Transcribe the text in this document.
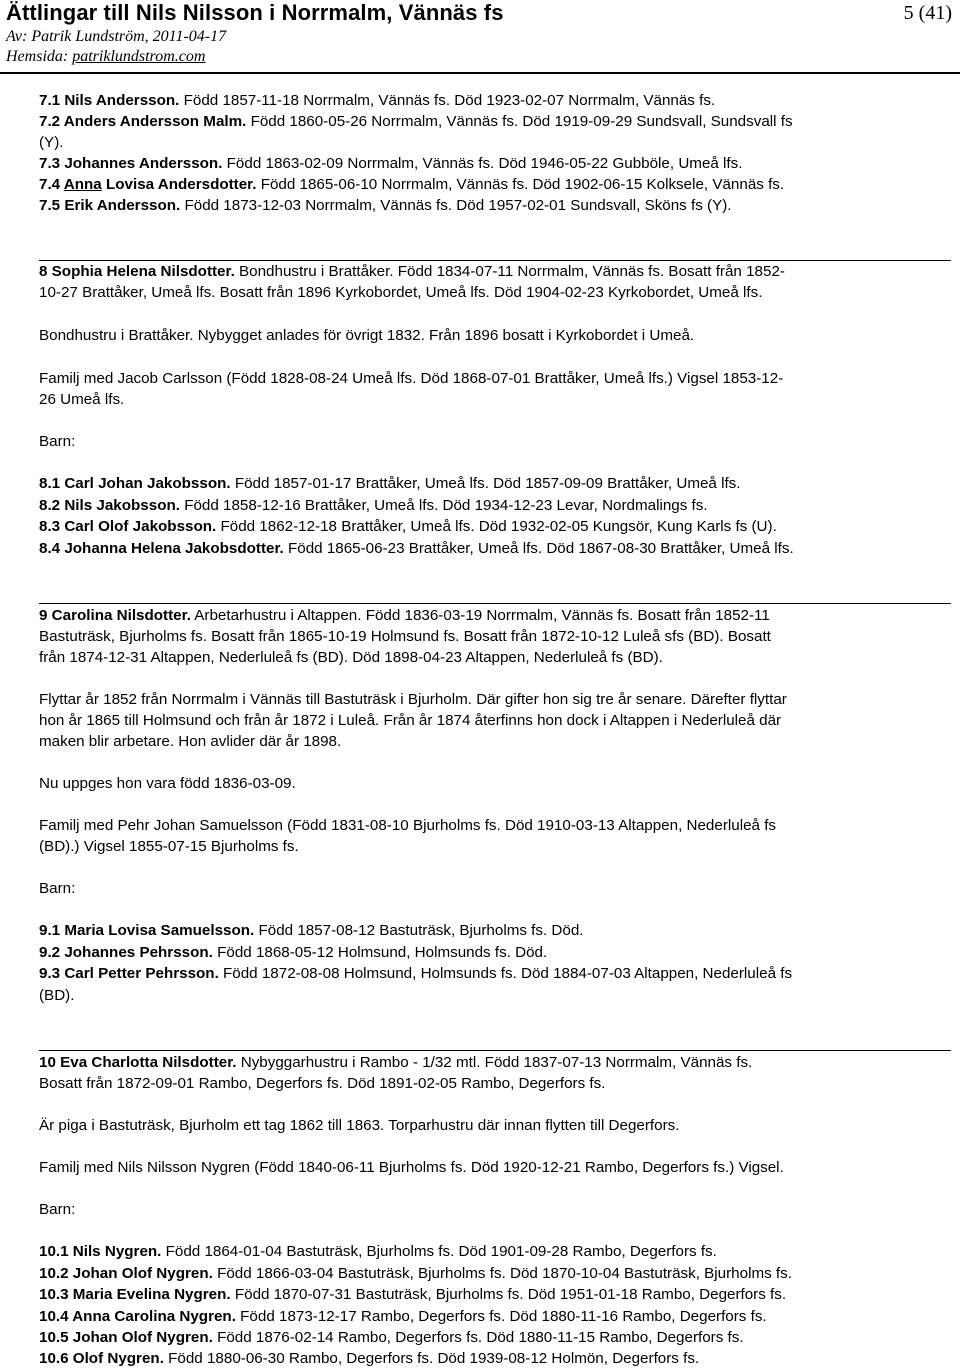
Ättlingar till Nils Nilsson i Norrmalm, Vännäs fs	5 (41)
Av: Patrik Lundström, 2011-04-17
Hemsida: patriklundstrom.com
7.1 Nils Andersson. Född 1857-11-18 Norrmalm, Vännäs fs. Död 1923-02-07 Norrmalm, Vännäs fs.
7.2 Anders Andersson Malm. Född 1860-05-26 Norrmalm, Vännäs fs. Död 1919-09-29 Sundsvall, Sundsvall fs
(Y).
7.3 Johannes Andersson. Född 1863-02-09 Norrmalm, Vännäs fs. Död 1946-05-22 Gubböle, Umeå lfs.
7.4 Anna Lovisa Andersdotter. Född 1865-06-10 Norrmalm, Vännäs fs. Död 1902-06-15 Kolksele, Vännäs fs.
7.5 Erik Andersson. Född 1873-12-03 Norrmalm, Vännäs fs. Död 1957-02-01 Sundsvall, Sköns fs (Y).
8 Sophia Helena Nilsdotter. Bondhustru i Brattåker. Född 1834-07-11 Norrmalm, Vännäs fs. Bosatt från 1852-
10-27 Brattåker, Umeå lfs. Bosatt från 1896 Kyrkobordet, Umeå lfs. Död 1904-02-23 Kyrkobordet, Umeå lfs.
Bondhustru i Brattåker. Nybygget anlades för övrigt 1832. Från 1896 bosatt i Kyrkobordet i Umeå.
Familj med Jacob Carlsson (Född 1828-08-24 Umeå lfs. Död 1868-07-01 Brattåker, Umeå lfs.) Vigsel 1853-12-
26 Umeå lfs.
Barn:
8.1 Carl Johan Jakobsson. Född 1857-01-17 Brattåker, Umeå lfs. Död 1857-09-09 Brattåker, Umeå lfs.
8.2 Nils Jakobsson. Född 1858-12-16 Brattåker, Umeå lfs. Död 1934-12-23 Levar, Nordmalings fs.
8.3 Carl Olof Jakobsson. Född 1862-12-18 Brattåker, Umeå lfs. Död 1932-02-05 Kungsör, Kung Karls fs (U).
8.4 Johanna Helena Jakobsdotter. Född 1865-06-23 Brattåker, Umeå lfs. Död 1867-08-30 Brattåker, Umeå lfs.
9 Carolina Nilsdotter. Arbetarhustru i Altappen. Född 1836-03-19 Norrmalm, Vännäs fs. Bosatt från 1852-11
Bastuträsk, Bjurholms fs. Bosatt från 1865-10-19 Holmsund fs. Bosatt från 1872-10-12 Luleå sfs (BD). Bosatt
från 1874-12-31 Altappen, Nederluleå fs (BD). Död 1898-04-23 Altappen, Nederluleå fs (BD).
Flyttar år 1852 från Norrmalm i Vännäs till Bastuträsk i Bjurholm. Där gifter hon sig tre år senare. Därefter flyttar
hon år 1865 till Holmsund och från år 1872 i Luleå. Från år 1874 återfinns hon dock i Altappen i Nederluleå där
maken blir arbetare. Hon avlider där år 1898.
Nu uppges hon vara född 1836-03-09.
Familj med Pehr Johan Samuelsson (Född 1831-08-10 Bjurholms fs. Död 1910-03-13 Altappen, Nederluleå fs
(BD).) Vigsel 1855-07-15 Bjurholms fs.
Barn:
9.1 Maria Lovisa Samuelsson. Född 1857-08-12 Bastuträsk, Bjurholms fs. Död.
9.2 Johannes Pehrsson. Född 1868-05-12 Holmsund, Holmsunds fs. Död.
9.3 Carl Petter Pehrsson. Född 1872-08-08 Holmsund, Holmsunds fs. Död 1884-07-03 Altappen, Nederluleå fs
(BD).
10 Eva Charlotta Nilsdotter. Nybyggarhustru i Rambo - 1/32 mtl. Född 1837-07-13 Norrmalm, Vännäs fs.
Bosatt från 1872-09-01 Rambo, Degerfors fs. Död 1891-02-05 Rambo, Degerfors fs.
Är piga i Bastuträsk, Bjurholm ett tag 1862 till 1863. Torparhustru där innan flytten till Degerfors.
Familj med Nils Nilsson Nygren (Född 1840-06-11 Bjurholms fs. Död 1920-12-21 Rambo, Degerfors fs.) Vigsel.
Barn:
10.1 Nils Nygren. Född 1864-01-04 Bastuträsk, Bjurholms fs. Död 1901-09-28 Rambo, Degerfors fs.
10.2 Johan Olof Nygren. Född 1866-03-04 Bastuträsk, Bjurholms fs. Död 1870-10-04 Bastuträsk, Bjurholms fs.
10.3 Maria Evelina Nygren. Född 1870-07-31 Bastuträsk, Bjurholms fs. Död 1951-01-18 Rambo, Degerfors fs.
10.4 Anna Carolina Nygren. Född 1873-12-17 Rambo, Degerfors fs. Död 1880-11-16 Rambo, Degerfors fs.
10.5 Johan Olof Nygren. Född 1876-02-14 Rambo, Degerfors fs. Död 1880-11-15 Rambo, Degerfors fs.
10.6 Olof Nygren. Född 1880-06-30 Rambo, Degerfors fs. Död 1939-08-12 Holmön, Degerfors fs.
